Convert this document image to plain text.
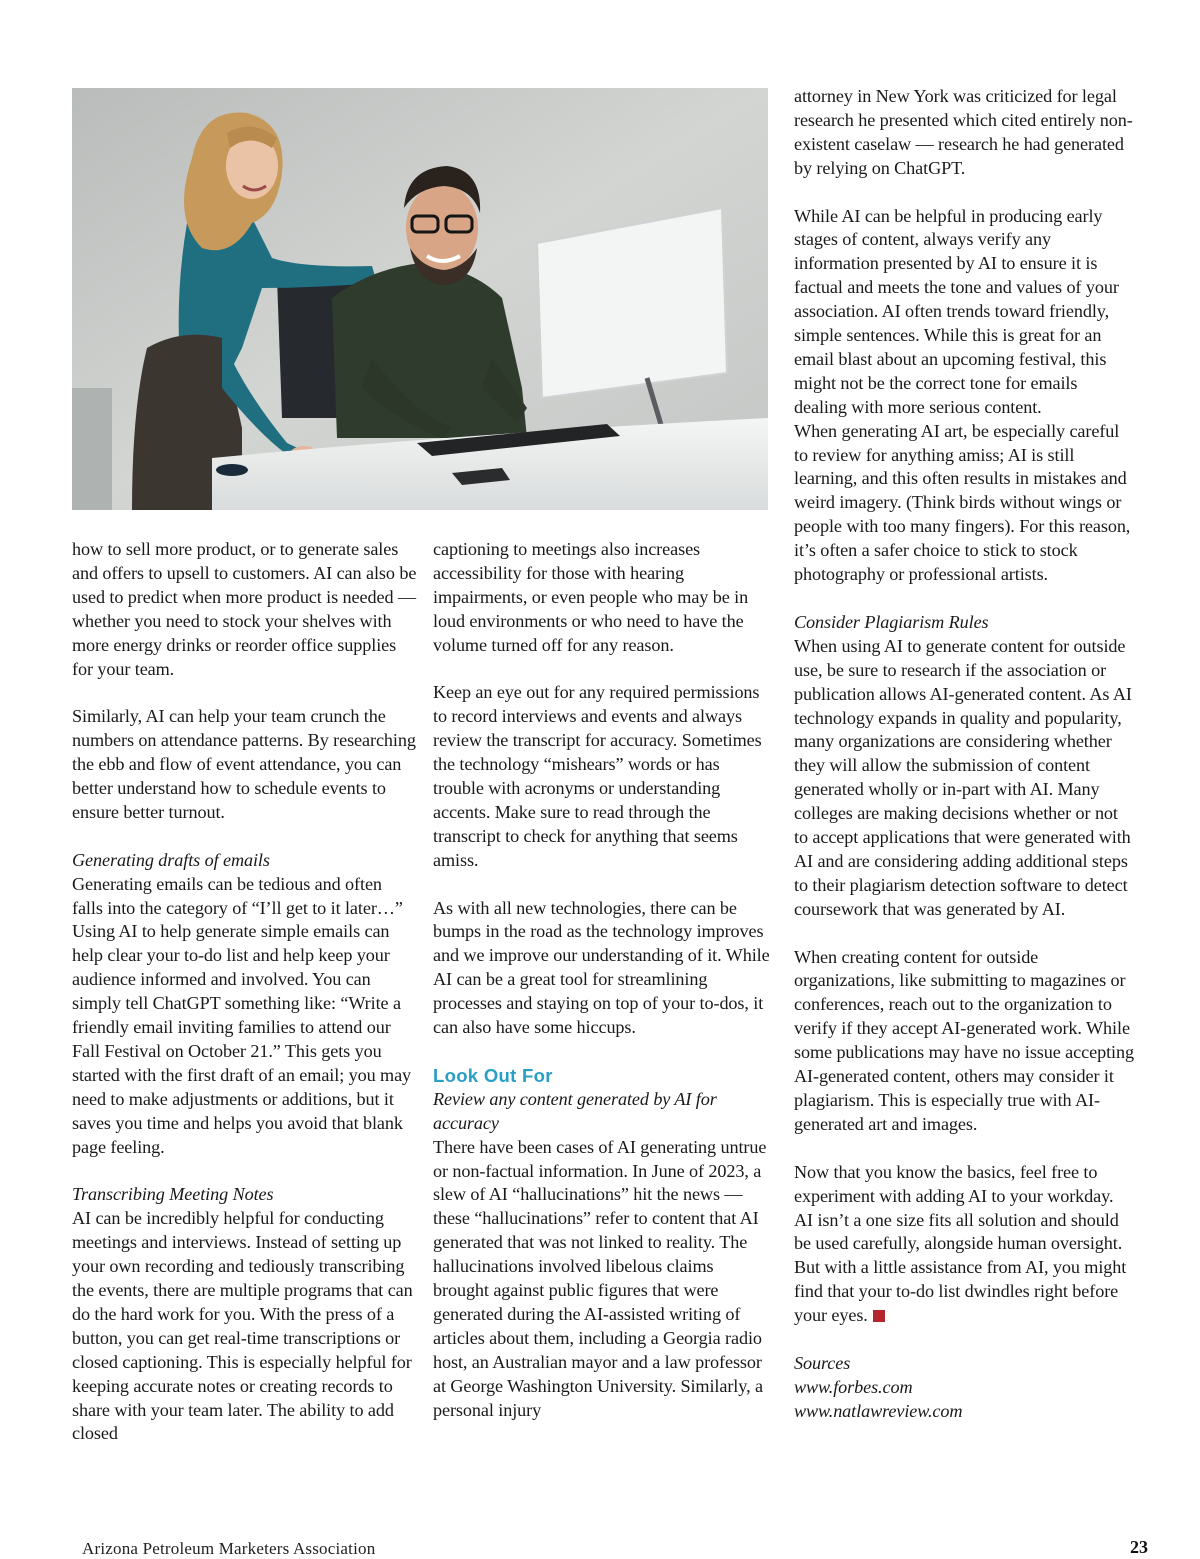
how to sell more product, or to generate sales and offers to upsell to customers. AI can also be used to predict when more product is needed — whether you need to stock your shelves with more energy drinks or reorder office supplies for your team.

Similarly, AI can help your team crunch the numbers on attendance patterns. By researching the ebb and flow of event attendance, you can better understand how to schedule events to ensure better turnout.

Generating drafts of emails

Generating emails can be tedious and often falls into the category of “I’ll get to it later…” Using AI to help generate simple emails can help clear your to-do list and help keep your audience informed and involved. You can simply tell ChatGPT something like: “Write a friendly email inviting families to attend our Fall Festival on October 21.” This gets you started with the first draft of an email; you may need to make adjustments or additions, but it saves you time and helps you avoid that blank page feeling.

Transcribing Meeting Notes

AI can be incredibly helpful for conducting meetings and interviews. Instead of setting up your own recording and tediously transcribing the events, there are multiple programs that can do the hard work for you. With the press of a button, you can get real-time transcriptions or closed captioning. This is especially helpful for keeping accurate notes or creating records to share with your team later. The ability to add closed

captioning to meetings also increases accessibility for those with hearing impairments, or even people who may be in loud environments or who need to have the volume turned off for any reason.

Keep an eye out for any required permissions to record interviews and events and always review the transcript for accuracy. Sometimes the technology “mishears” words or has trouble with acronyms or understanding accents. Make sure to read through the transcript to check for anything that seems amiss.

As with all new technologies, there can be bumps in the road as the technology improves and we improve our understanding of it. While AI can be a great tool for streamlining processes and staying on top of your to-dos, it can also have some hiccups.

Look Out For
Review any content generated by AI for accuracy

There have been cases of AI generating untrue or non-factual information. In June of 2023, a slew of AI “hallucinations” hit the news — these “hallucinations” refer to content that AI generated that was not linked to reality. The hallucinations involved libelous claims brought against public figures that were generated during the AI-assisted writing of articles about them, including a Georgia radio host, an Australian mayor and a law professor at George Washington University. Similarly, a personal injury

attorney in New York was criticized for legal research he presented which cited entirely non-existent caselaw — research he had generated by relying on ChatGPT.

While AI can be helpful in producing early stages of content, always verify any information presented by AI to ensure it is factual and meets the tone and values of your association. AI often trends toward friendly, simple sentences. While this is great for an email blast about an upcoming festival, this might not be the correct tone for emails dealing with more serious content.

When generating AI art, be especially careful to review for anything amiss; AI is still learning, and this often results in mistakes and weird imagery. (Think birds without wings or people with too many fingers). For this reason, it’s often a safer choice to stick to stock photography or professional artists.

Consider Plagiarism Rules

When using AI to generate content for outside use, be sure to research if the association or publication allows AI-generated content. As AI technology expands in quality and popularity, many organizations are considering whether they will allow the submission of content generated wholly or in-part with AI. Many colleges are making decisions whether or not to accept applications that were generated with AI and are considering adding additional steps to their plagiarism detection software to detect coursework that was generated by AI.

When creating content for outside organizations, like submitting to magazines or conferences, reach out to the organization to verify if they accept AI-generated work. While some publications may have no issue accepting AI-generated content, others may consider it plagiarism. This is especially true with AI-generated art and images.

Now that you know the basics, feel free to experiment with adding AI to your workday. AI isn’t a one size fits all solution and should be used carefully, alongside human oversight. But with a little assistance from AI, you might find that your to-do list dwindles right before your eyes.

Sources
www.forbes.com
www.natlawreview.com
Arizona Petroleum Marketers Association	23
